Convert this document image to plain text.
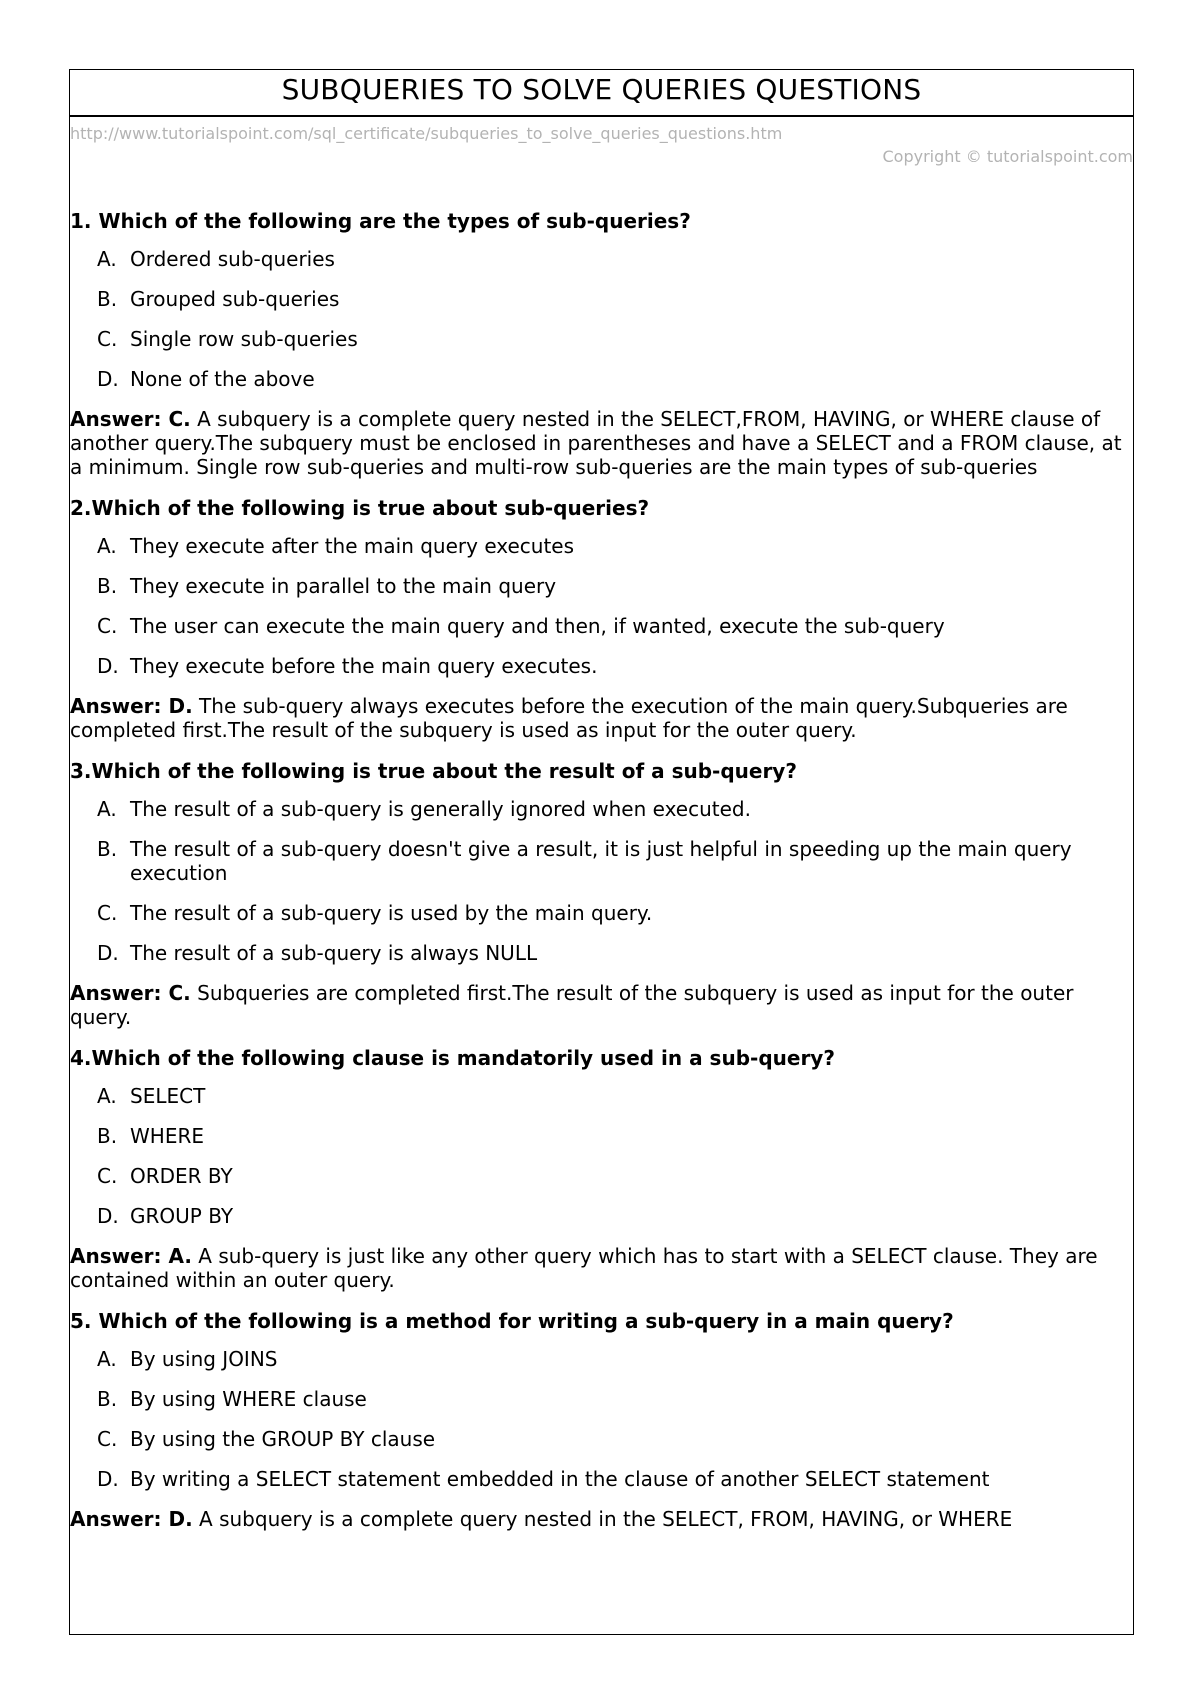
SUBQUERIES TO SOLVE QUERIES QUESTIONS
http://www.tutorialspoint.com/sql_certificate/subqueries_to_solve_queries_questions.htm
Copyright © tutorialspoint.com

1. Which of the following are the types of sub-queries?

A. Ordered sub-queries
B. Grouped sub-queries
C. Single row sub-queries
D. None of the above

Answer: C. A subquery is a complete query nested in the SELECT,FROM, HAVING, or WHERE clause of another query.The subquery must be enclosed in parentheses and have a SELECT and a FROM clause, at a minimum. Single row sub-queries and multi-row sub-queries are the main types of sub-queries

2.Which of the following is true about sub-queries?

A. They execute after the main query executes
B. They execute in parallel to the main query
C. The user can execute the main query and then, if wanted, execute the sub-query
D. They execute before the main query executes.

Answer: D. The sub-query always executes before the execution of the main query.Subqueries are completed first.The result of the subquery is used as input for the outer query.

3.Which of the following is true about the result of a sub-query?

A. The result of a sub-query is generally ignored when executed.
B. The result of a sub-query doesn't give a result, it is just helpful in speeding up the main query execution
C. The result of a sub-query is used by the main query.
D. The result of a sub-query is always NULL

Answer: C. Subqueries are completed first.The result of the subquery is used as input for the outer query.

4.Which of the following clause is mandatorily used in a sub-query?

A. SELECT
B. WHERE
C. ORDER BY
D. GROUP BY

Answer: A. A sub-query is just like any other query which has to start with a SELECT clause. They are contained within an outer query.

5. Which of the following is a method for writing a sub-query in a main query?

A. By using JOINS
B. By using WHERE clause
C. By using the GROUP BY clause
D. By writing a SELECT statement embedded in the clause of another SELECT statement

Answer: D. A subquery is a complete query nested in the SELECT, FROM, HAVING, or WHERE
